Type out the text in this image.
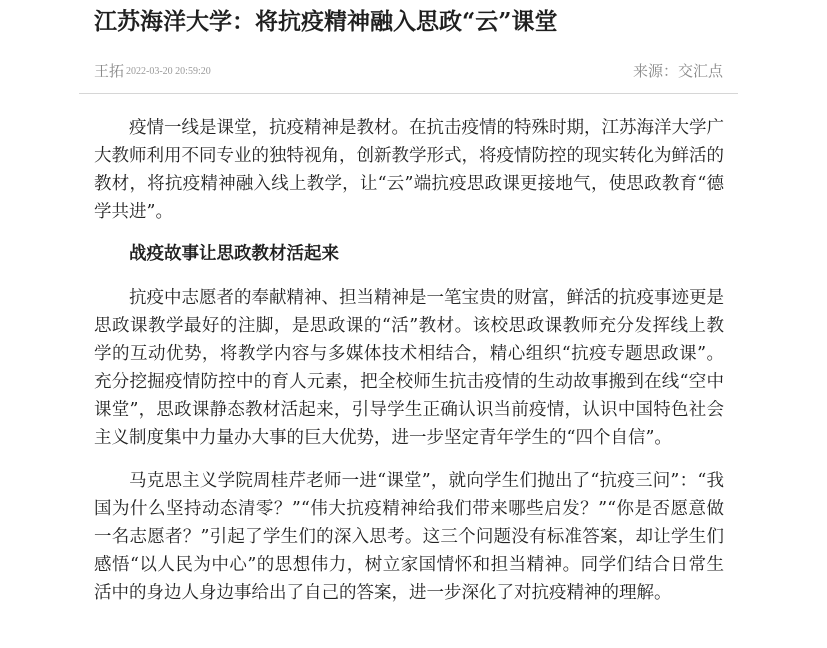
江苏海洋大学：将抗疫精神融入思政“云”课堂
王拓 2022-03-20 20:59:20	来源：交汇点

疫情一线是课堂，抗疫精神是教材。在抗击疫情的特殊时期，江苏海洋大学广大教师利用不同专业的独特视角，创新教学形式，将疫情防控的现实转化为鲜活的教材，将抗疫精神融入线上教学，让“云”端抗疫思政课更接地气，使思政教育“德学共进”。

战疫故事让思政教材活起来

抗疫中志愿者的奉献精神、担当精神是一笔宝贵的财富，鲜活的抗疫事迹更是思政课教学最好的注脚，是思政课的“活”教材。该校思政课教师充分发挥线上教学的互动优势，将教学内容与多媒体技术相结合，精心组织“抗疫专题思政课”。充分挖掘疫情防控中的育人元素，把全校师生抗击疫情的生动故事搬到在线“空中课堂”，思政课静态教材活起来，引导学生正确认识当前疫情，认识中国特色社会主义制度集中力量办大事的巨大优势，进一步坚定青年学生的“四个自信”。

马克思主义学院周桂芹老师一进“课堂”，就向学生们抛出了“抗疫三问”：“我国为什么坚持动态清零？”“伟大抗疫精神给我们带来哪些启发？”“你是否愿意做一名志愿者？”引起了学生们的深入思考。这三个问题没有标准答案，却让学生们感悟“以人民为中心”的思想伟力，树立家国情怀和担当精神。同学们结合日常生活中的身边人身边事给出了自己的答案，进一步深化了对抗疫精神的理解。
